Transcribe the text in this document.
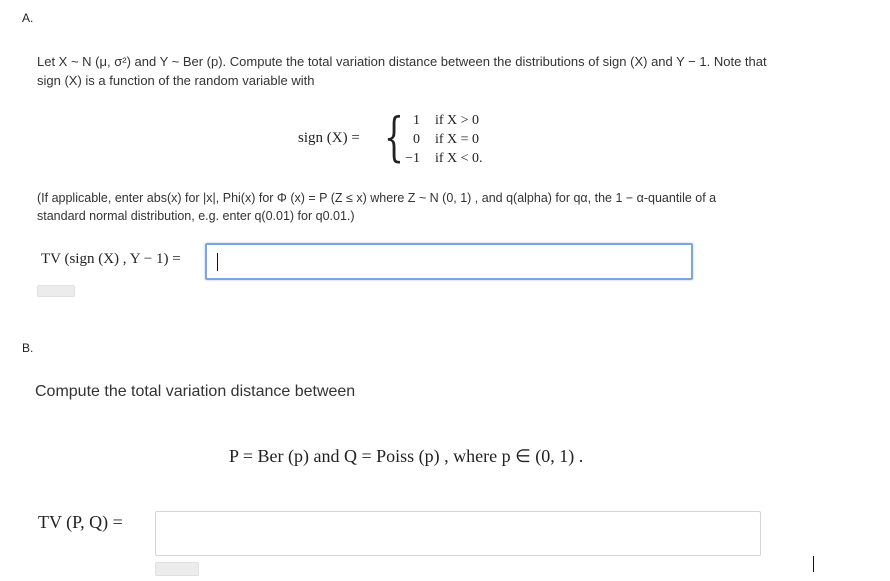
A.
Let X ~ N (μ, σ²) and Y ~ Ber (p). Compute the total variation distance between the distributions of sign (X) and Y − 1. Note that
sign (X) is a function of the random variable with
sign (X) = { 1 if X > 0
0 if X = 0
−1 if X < 0.
(If applicable, enter abs(x) for |x|, Phi(x) for Φ (x) = P (Z ≤ x) where Z ~ N (0, 1) , and q(alpha) for qα, the 1 − α-quantile of a
standard normal distribution, e.g. enter q(0.01) for q0.01.)
TV (sign (X) , Y − 1) =
B.
Compute the total variation distance between
P = Ber (p) and Q = Poiss (p) , where p ∈ (0, 1) .
TV (P, Q) =
